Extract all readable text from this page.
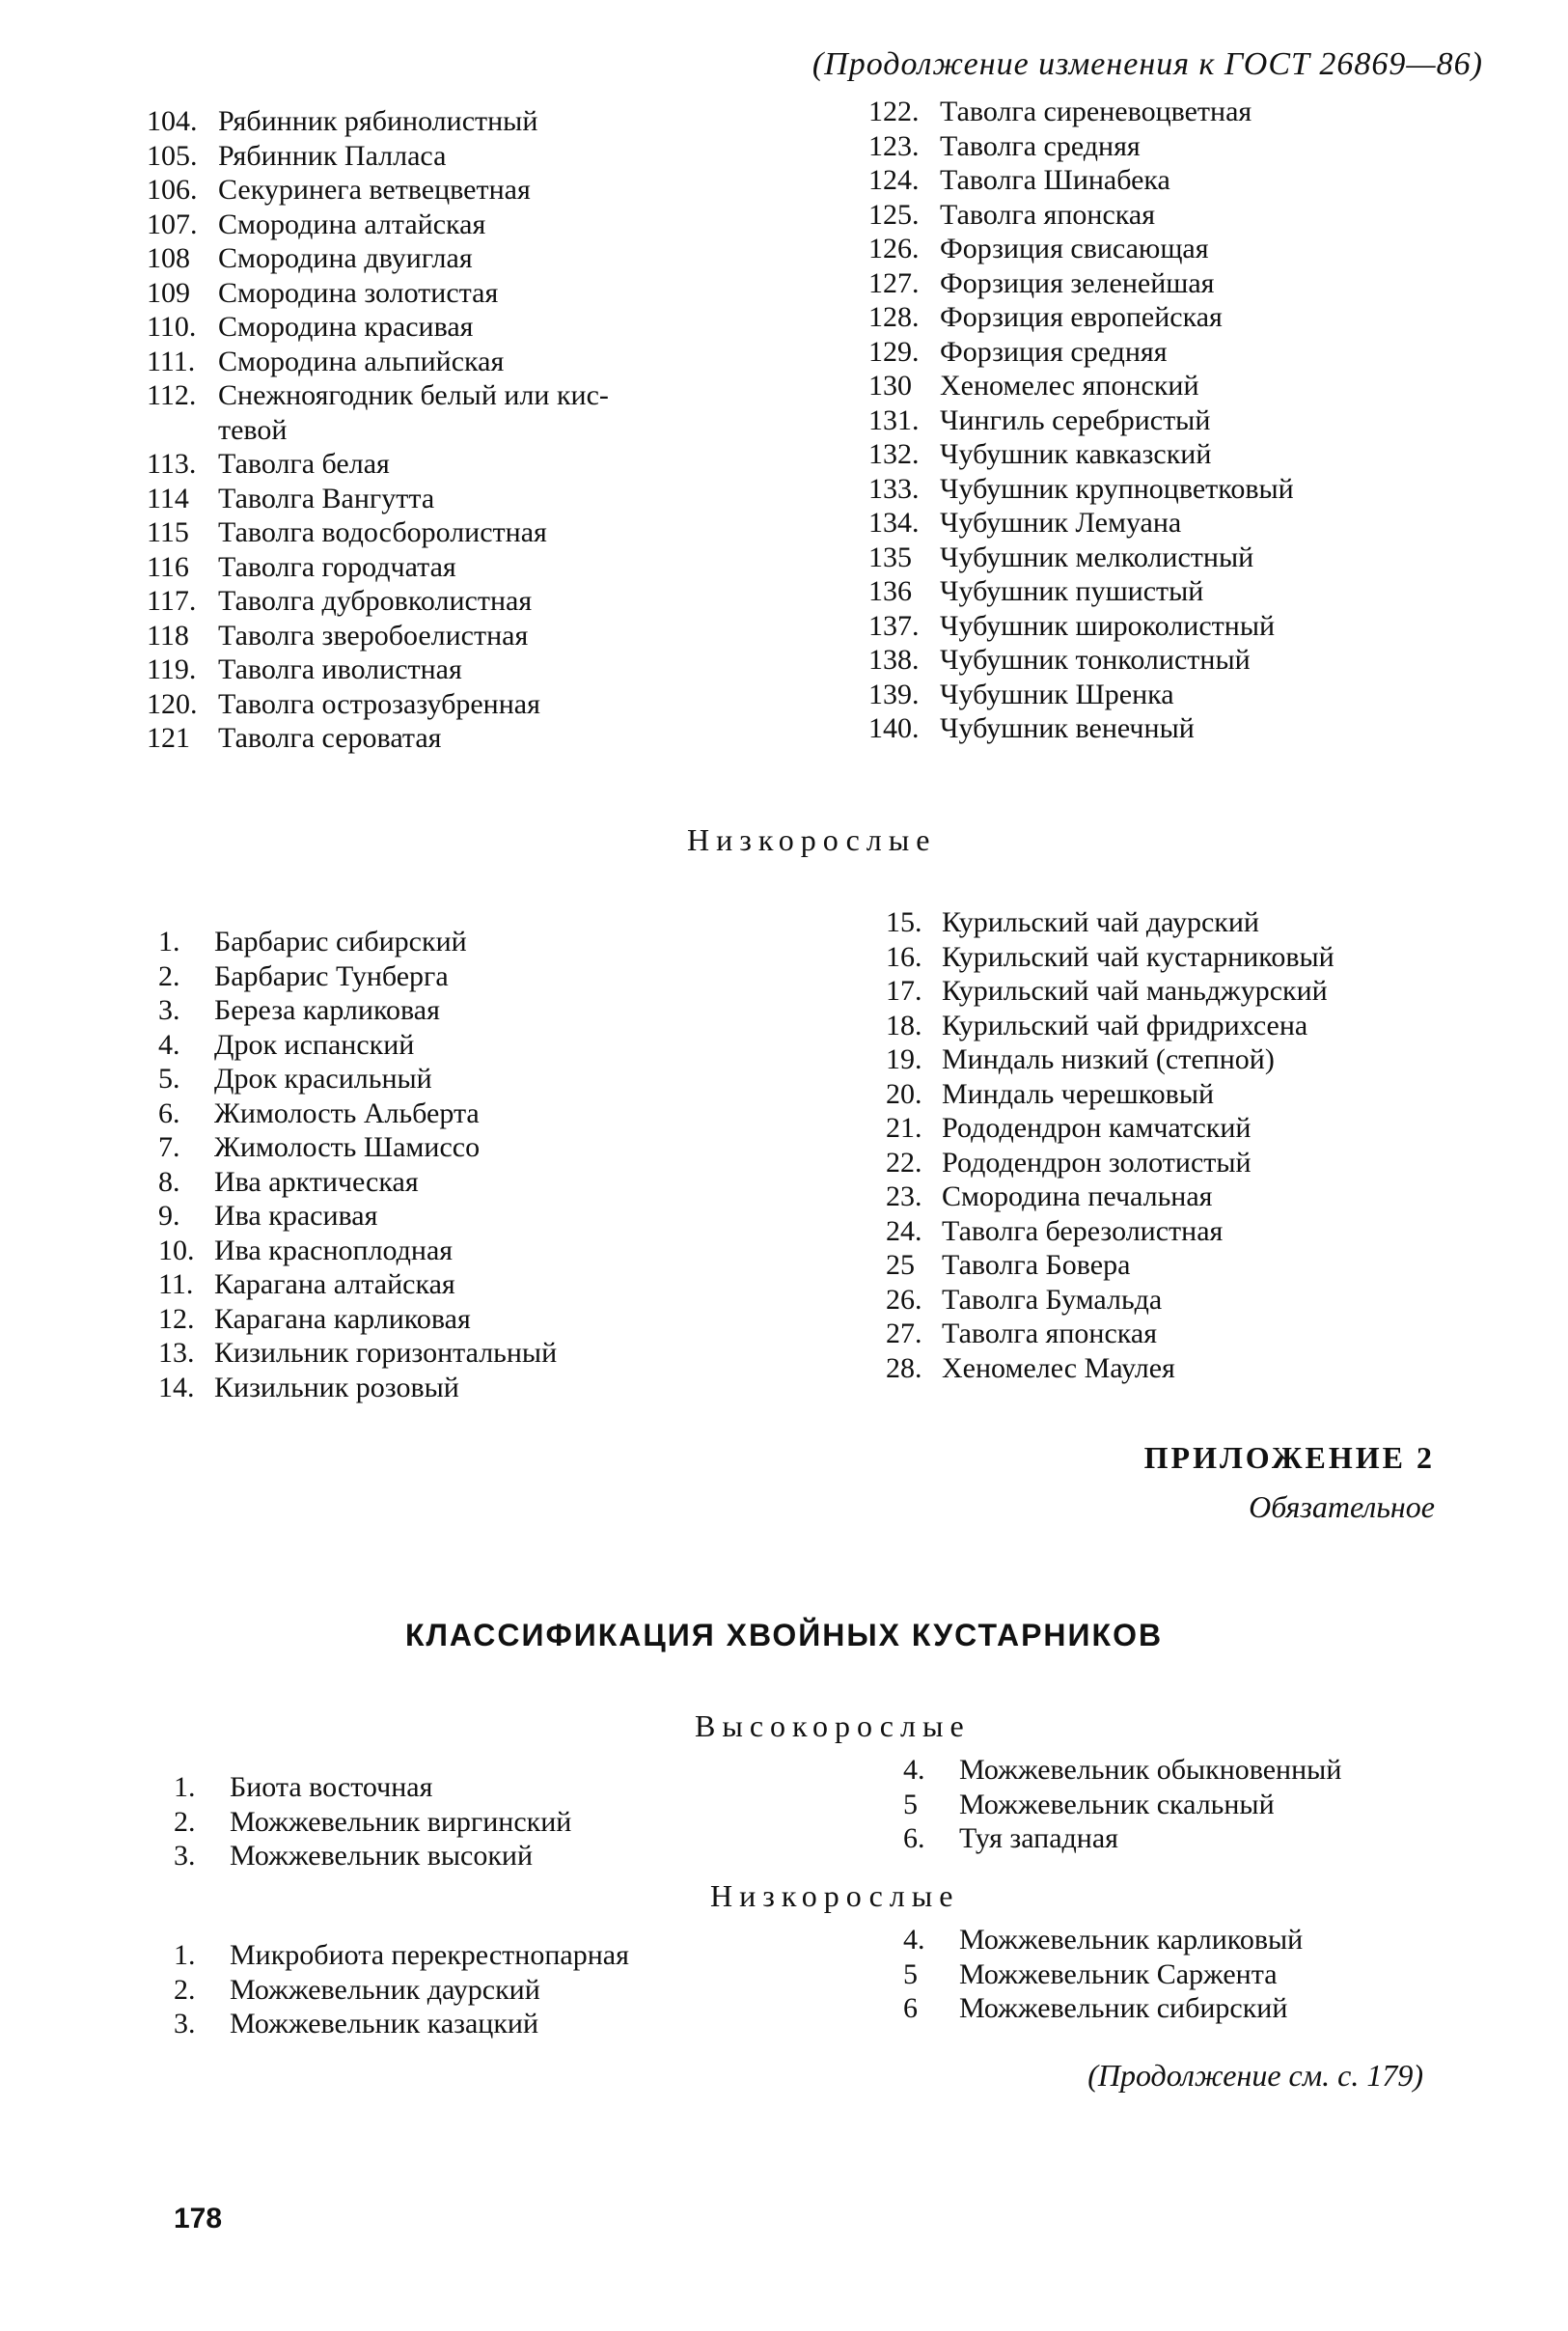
(Продолжение изменения к ГОСТ 26869—86)
104. Рябинник рябинолистный
105. Рябинник Палласа
106. Секуринега ветвецветная
107. Смородина алтайская
108 Смородина двуиглая
109 Смородина золотистая
110. Смородина красивая
111. Смородина альпийская
112. Снежноягодник белый или кис-
тевой
113. Таволга белая
114 Таволга Вангутта
115 Таволга водосборолистная
116 Таволга городчатая
117. Таволга дубровколистная
118 Таволга зверобоелистная
119. Таволга иволистная
120. Таволга острозазубренная
121 Таволга сероватая
122. Таволга сиреневоцветная
123. Таволга средняя
124. Таволга Шинабека
125. Таволга японская
126. Форзиция свисающая
127. Форзиция зеленейшая
128. Форзиция европейская
129. Форзиция средняя
130 Хеномелес японский
131. Чингиль серебристый
132. Чубушник кавказский
133. Чубушник крупноцветковый
134. Чубушник Лемуана
135 Чубушник мелколистный
136 Чубушник пушистый
137. Чубушник широколистный
138. Чубушник тонколистный
139. Чубушник Шренка
140. Чубушник венечный
Низкорослые
1. Барбарис сибирский
2. Барбарис Тунберга
3. Береза карликовая
4. Дрок испанский
5. Дрок красильный
6. Жимолость Альберта
7. Жимолость Шамиссо
8. Ива арктическая
9. Ива красивая
10. Ива красноплодная
11. Карагана алтайская
12. Карагана карликовая
13. Кизильник горизонтальный
14. Кизильник розовый
15. Курильский чай даурский
16. Курильский чай кустарниковый
17. Курильский чай маньджурский
18. Курильский чай фридрихсена
19. Миндаль низкий (степной)
20. Миндаль черешковый
21. Рододендрон камчатский
22. Рододендрон золотистый
23. Смородина печальная
24. Таволга березолистная
25 Таволга Бовера
26. Таволга Бумальда
27. Таволга японская
28. Хеномелес Маулея
ПРИЛОЖЕНИЕ 2
Обязательное
КЛАССИФИКАЦИЯ ХВОЙНЫХ КУСТАРНИКОВ
Высокорослые
1. Биота восточная
2. Можжевельник виргинский
3. Можжевельник высокий
4. Можжевельник обыкновенный
5 Можжевельник скальный
6. Туя западная
Низкорослые
1. Микробиота перекрестнопарная
2. Можжевельник даурский
3. Можжевельник казацкий
4. Можжевельник карликовый
5 Можжевельник Саржента
6 Можжевельник сибирский
(Продолжение см. с. 179)
178
